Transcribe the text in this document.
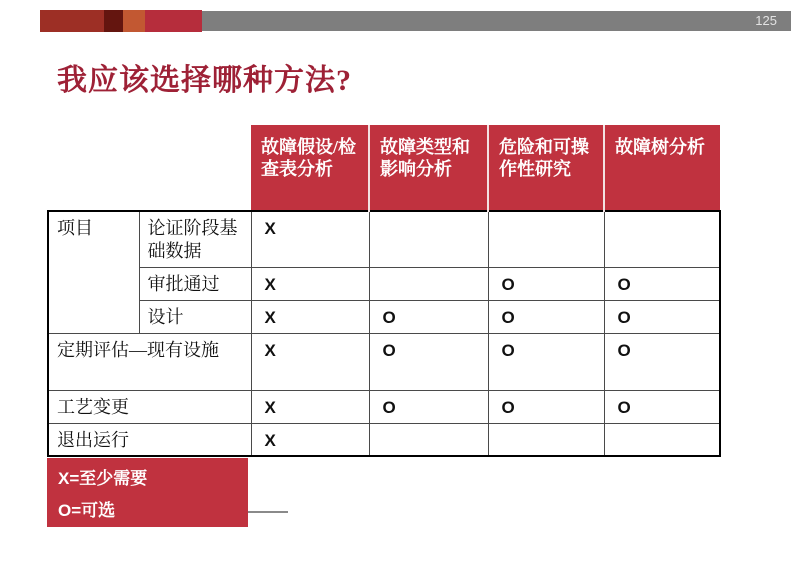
125
我应该选择哪种方法?
		故障假设/检查表分析	故障类型和影响分析	危险和可操作性研究	故障树分析
项目	论证阶段基础数据	X			
	审批通过	X		O	O
	设计	X	O	O	O
定期评估—现有设施		X	O	O	O
工艺变更		X	O	O	O
退出运行		X			
X=至少需要
O=可选
